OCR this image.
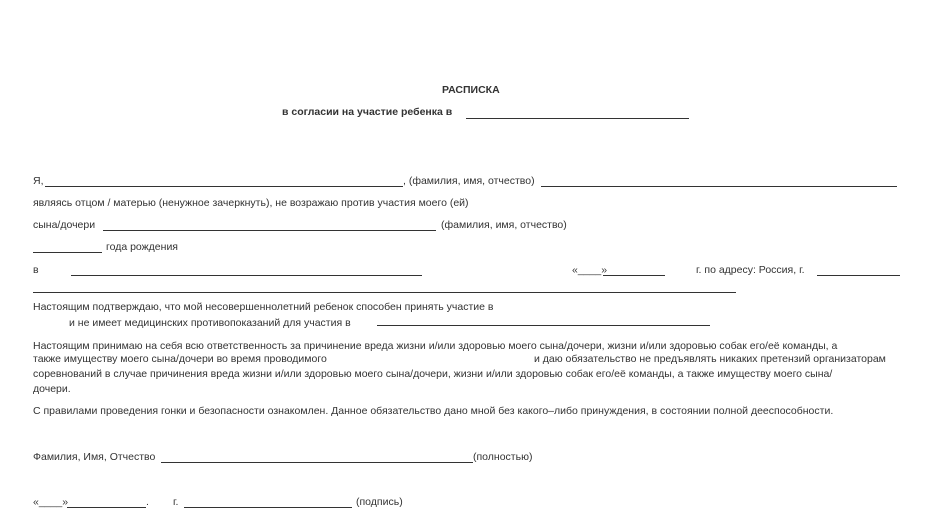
РАСПИСКА
в согласии на участие ребенка в
Я,	, (фамилия, имя, отчество)
являясь отцом / матерью (ненужное зачеркнуть), не возражаю против участия моего (ей)
сына/дочери	(фамилия, имя, отчество)
года рождения
в	«____»	г. по адресу: Россия, г.
Настоящим подтверждаю, что мой несовершеннолетний ребенок способен принять участие в
и не имеет медицинских противопоказаний для участия в
Настоящим принимаю на себя всю ответственность за причинение вреда жизни и/или здоровью моего сына/дочери, жизни и/или здоровью собак его/её команды, а
также имуществу моего сына/дочери во время проводимого	и даю обязательство не предъявлять никаких претензий организаторам
соревнований в случае причинения вреда жизни и/или здоровью моего сына/дочери, жизни и/или здоровью собак его/её команды, а также имуществу моего сына/
дочери.
С правилами проведения гонки и безопасности ознакомлен. Данное обязательство дано мной без какого–либо принуждения, в состоянии полной дееспособности.
Фамилия, Имя, Отчество	(полностью)
«____»	. г.	(подпись)
